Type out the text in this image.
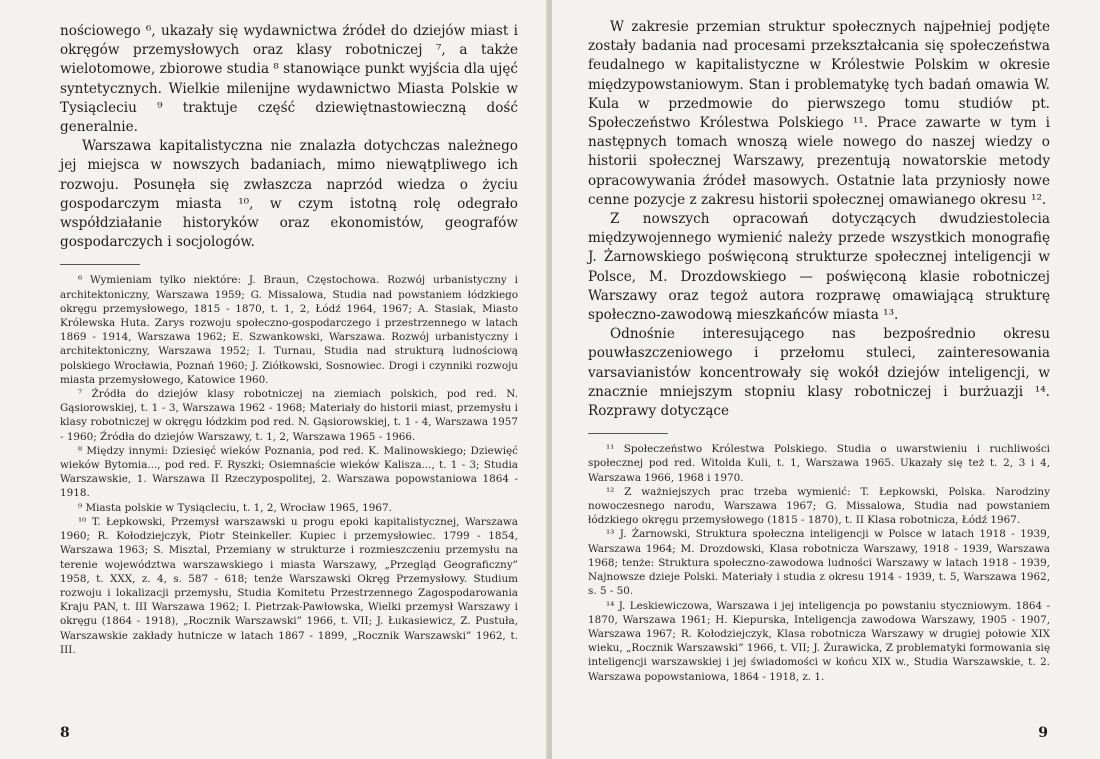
nościowego ⁶, ukazały się wydawnictwa źródeł do dziejów miast i okręgów przemysłowych oraz klasy robotniczej ⁷, a także wielotomowe, zbiorowe studia ⁸ stanowiące punkt wyjścia dla ujęć syntetycznych. Wielkie milenijne wydawnictwo Miasta Polskie w Tysiącleciu ⁹ traktuje część dziewiętnastowieczną dość generalnie.

Warszawa kapitalistyczna nie znalazła dotychczas należnego jej miejsca w nowszych badaniach, mimo niewątpliwego ich rozwoju. Posunęła się zwłaszcza naprzód wiedza o życiu gospodarczym miasta ¹⁰, w czym istotną rolę odegrało współdziałanie historyków oraz ekonomistów, geografów gospodarczych i socjologów.

⁶ Wymieniam tylko niektóre: J. Braun, Częstochowa. Rozwój urbanistyczny i architektoniczny, Warszawa 1959; G. Missalowa, Studia nad powstaniem łódzkiego okręgu przemysłowego, 1815 - 1870, t. 1, 2, Łódź 1964, 1967; A. Stasiak, Miasto Królewska Huta. Zarys rozwoju społeczno-gospodarczego i przestrzennego w latach 1869 - 1914, Warszawa 1962; E. Szwankowski, Warszawa. Rozwój urbanistyczny i architektoniczny, Warszawa 1952; I. Turnau, Studia nad strukturą ludnościową polskiego Wrocławia, Poznań 1960; J. Ziółkowski, Sosnowiec. Drogi i czynniki rozwoju miasta przemysłowego, Katowice 1960.

⁷ Źródła do dziejów klasy robotniczej na ziemiach polskich, pod red. N. Gąsiorowskiej, t. 1 - 3, Warszawa 1962 - 1968; Materiały do historii miast, przemysłu i klasy robotniczej w okręgu łódzkim pod red. N. Gąsiorowskiej, t. 1 - 4, Warszawa 1957 - 1960; Źródła do dziejów Warszawy, t. 1, 2, Warszawa 1965 - 1966.

⁸ Między innymi: Dziesięć wieków Poznania, pod red. K. Malinowskiego; Dziewięć wieków Bytomia..., pod red. F. Ryszki; Osiemnaście wieków Kalisza..., t. 1 - 3; Studia Warszawskie, 1. Warszawa II Rzeczypospolitej, 2. Warszawa popowstaniowa 1864 - 1918.

⁹ Miasta polskie w Tysiącleciu, t. 1, 2, Wrocław 1965, 1967.

¹⁰ T. Łepkowski, Przemysł warszawski u progu epoki kapitalistycznej, Warszawa 1960; R. Kołodziejczyk, Piotr Steinkeller. Kupiec i przemysłowiec. 1799 - 1854, Warszawa 1963; S. Misztal, Przemiany w strukturze i rozmieszczeniu przemysłu na terenie województwa warszawskiego i miasta Warszawy, „Przegląd Geograficzny” 1958, t. XXX, z. 4, s. 587 - 618; tenże Warszawski Okręg Przemysłowy. Studium rozwoju i lokalizacji przemysłu, Studia Komitetu Przestrzennego Zagospodarowania Kraju PAN, t. III Warszawa 1962; I. Pietrzak-Pawłowska, Wielki przemysł Warszawy i okręgu (1864 - 1918), „Rocznik Warszawski” 1966, t. VII; J. Łukasiewicz, Z. Pustuła, Warszawskie zakłady hutnicze w latach 1867 - 1899, „Rocznik Warszawski” 1962, t. III.

8

W zakresie przemian struktur społecznych najpełniej podjęte zostały badania nad procesami przekształcania się społeczeństwa feudalnego w kapitalistyczne w Królestwie Polskim w okresie międzypowstaniowym. Stan i problematykę tych badań omawia W. Kula w przedmowie do pierwszego tomu studiów pt. Społeczeństwo Królestwa Polskiego ¹¹. Prace zawarte w tym i następnych tomach wnoszą wiele nowego do naszej wiedzy o historii społecznej Warszawy, prezentują nowatorskie metody opracowywania źródeł masowych. Ostatnie lata przyniosły nowe cenne pozycje z zakresu historii społecznej omawianego okresu ¹².

Z nowszych opracowań dotyczących dwudziestolecia międzywojennego wymienić należy przede wszystkich monografię J. Żarnowskiego poświęconą strukturze społecznej inteligencji w Polsce, M. Drozdowskiego — poświęconą klasie robotniczej Warszawy oraz tegoż autora rozprawę omawiającą strukturę społeczno-zawodową mieszkańców miasta ¹³.

Odnośnie interesującego nas bezpośrednio okresu pouwłaszczeniowego i przełomu stuleci, zainteresowania varsavianistów koncentrowały się wokół dziejów inteligencji, w znacznie mniejszym stopniu klasy robotniczej i burżuazji ¹⁴. Rozprawy dotyczące

¹¹ Społeczeństwo Królestwa Polskiego. Studia o uwarstwieniu i ruchliwości społecznej pod red. Witolda Kuli, t. 1, Warszawa 1965. Ukazały się też t. 2, 3 i 4, Warszawa 1966, 1968 i 1970.

¹² Z ważniejszych prac trzeba wymienić: T. Łepkowski, Polska. Narodziny nowoczesnego narodu, Warszawa 1967; G. Missalowa, Studia nad powstaniem łódzkiego okręgu przemysłowego (1815 - 1870), t. II Klasa robotnicza, Łódź 1967.

¹³ J. Żarnowski, Struktura społeczna inteligencji w Polsce w latach 1918 - 1939, Warszawa 1964; M. Drozdowski, Klasa robotnicza Warszawy, 1918 - 1939, Warszawa 1968; tenże: Struktura społeczno-zawodowa ludności Warszawy w latach 1918 - 1939, Najnowsze dzieje Polski. Materiały i studia z okresu 1914 - 1939, t. 5, Warszawa 1962, s. 5 - 50.

¹⁴ J. Leskiewiczowa, Warszawa i jej inteligencja po powstaniu styczniowym. 1864 - 1870, Warszawa 1961; H. Kiepurska, Inteligencja zawodowa Warszawy, 1905 - 1907, Warszawa 1967; R. Kołodziejczyk, Klasa robotnicza Warszawy w drugiej połowie XIX wieku, „Rocznik Warszawski” 1966, t. VII; J. Żurawicka, Z problematyki formowania się inteligencji warszawskiej i jej świadomości w końcu XIX w., Studia Warszawskie, t. 2. Warszawa popowstaniowa, 1864 - 1918, z. 1.

9
